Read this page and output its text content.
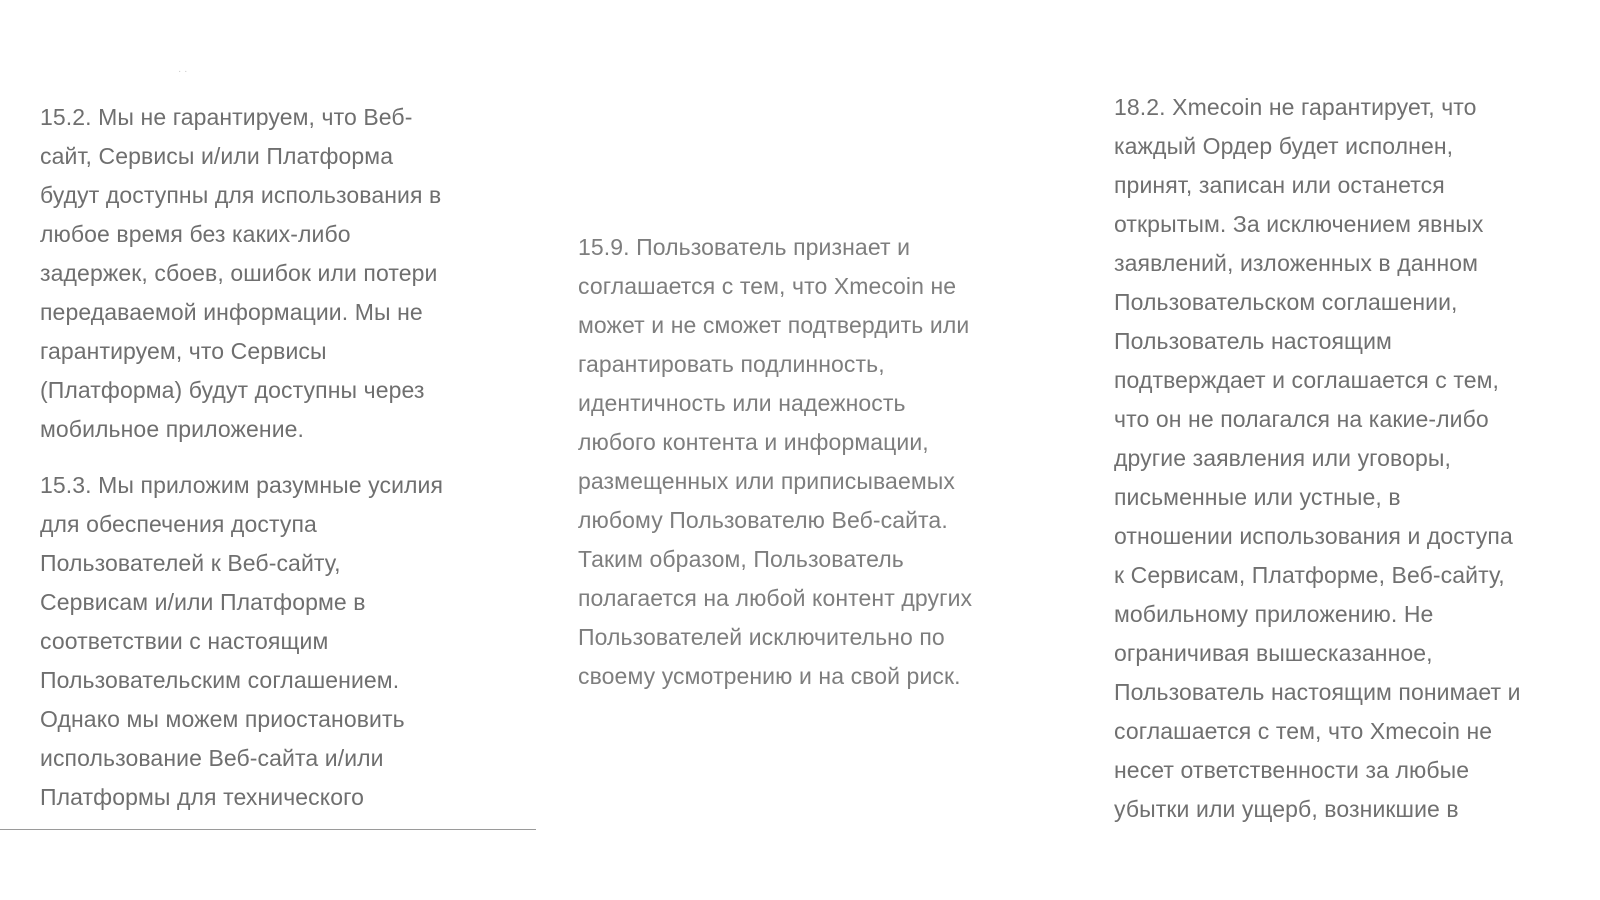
· ·

15.2. Мы не гарантируем, что Веб-
сайт, Сервисы и/или Платформа
будут доступны для использования в
любое время без каких-либо
задержек, сбоев, ошибок или потери
передаваемой информации. Мы не
гарантируем, что Сервисы
(Платформа) будут доступны через
мобильное приложение.

15.3. Мы приложим разумные усилия
для обеспечения доступа
Пользователей к Веб-сайту,
Сервисам и/или Платформе в
соответствии с настоящим
Пользовательским соглашением.
Однако мы можем приостановить
использование Веб-сайта и/или
Платформы для технического

15.9. Пользователь признает и
соглашается с тем, что Xmecoin не
может и не сможет подтвердить или
гарантировать подлинность,
идентичность или надежность
любого контента и информации,
размещенных или приписываемых
любому Пользователю Веб-сайта.
Таким образом, Пользователь
полагается на любой контент других
Пользователей исключительно по
своему усмотрению и на свой риск.

18.2. Xmecoin не гарантирует, что
каждый Ордер будет исполнен,
принят, записан или останется
открытым. За исключением явных
заявлений, изложенных в данном
Пользовательском соглашении,
Пользователь настоящим
подтверждает и соглашается с тем,
что он не полагался на какие-либо
другие заявления или уговоры,
письменные или устные, в
отношении использования и доступа
к Сервисам, Платформе, Веб-сайту,
мобильному приложению. Не
ограничивая вышесказанное,
Пользователь настоящим понимает и
соглашается с тем, что Xmecoin не
несет ответственности за любые
убытки или ущерб, возникшие в
